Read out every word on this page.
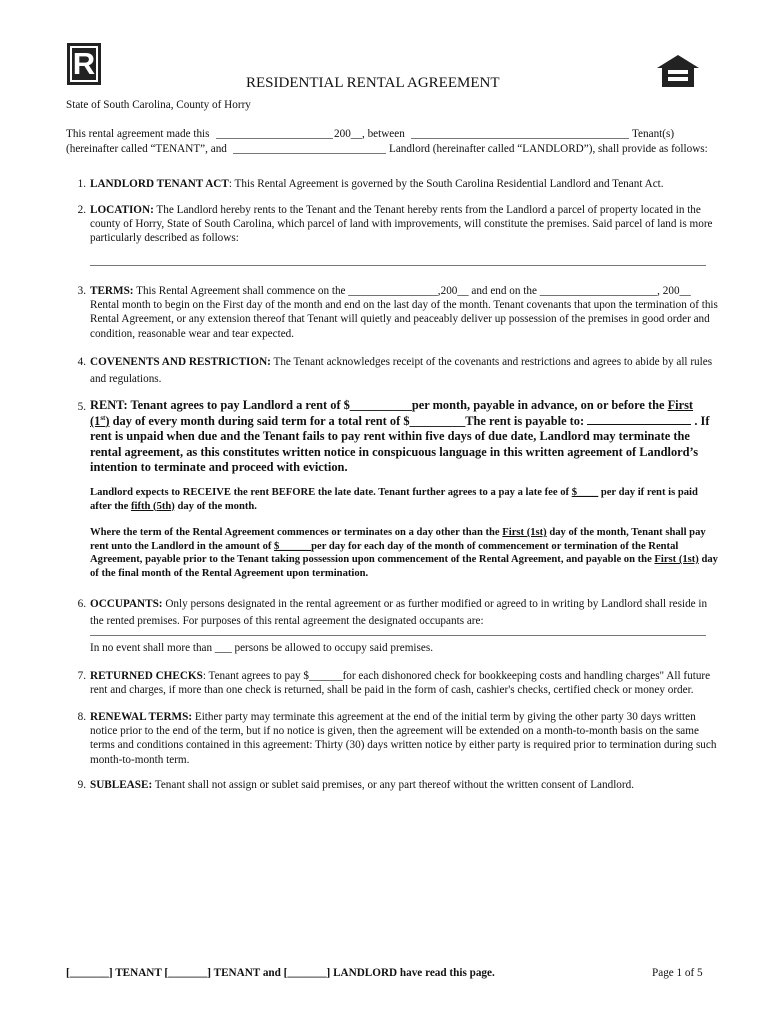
R
RESIDENTIAL RENTAL AGREEMENT
State of South Carolina, County of Horry
This rental agreement made this	200__, between	Tenant(s)
(hereinafter called “TENANT”, and	Landlord (hereinafter called “LANDLORD”), shall provide as follows:
1. LANDLORD TENANT ACT: This Rental Agreement is governed by the South Carolina Residential Landlord and Tenant Act.
2. LOCATION: The Landlord hereby rents to the Tenant and the Tenant hereby rents from the Landlord a parcel of property located in the county of Horry, State of South Carolina, which parcel of land with improvements, will constitute the premises. Said parcel of land is more particularly described as follows:
3. TERMS: This Rental Agreement shall commence on the ________________,200__ and end on the _____________________, 200__
Rental month to begin on the First day of the month and end on the last day of the month. Tenant covenants that upon the termination of this Rental Agreement, or any extension thereof that Tenant will quietly and peaceably deliver up possession of the premises in good order and condition, reasonable wear and tear expected.
4. COVENENTS AND RESTRICTION: The Tenant acknowledges receipt of the covenants and restrictions and agrees to abide by all rules and regulations.
5. RENT: Tenant agrees to pay Landlord a rent of $__________per month, payable in advance, on or before the First
(1st) day of every month during said term for a total rent of $_________The rent is payable to:	. If
rent is unpaid when due and the Tenant fails to pay rent within five days of due date, Landlord may terminate the rental agreement, as this constitutes written notice in conspicuous language in this written agreement of Landlord’s intention to terminate and proceed with eviction.
Landlord expects to RECEIVE the rent BEFORE the late date. Tenant further agrees to a pay a late fee of $____ per day if rent is paid after the fifth (5th) day of the month.
Where the term of the Rental Agreement commences or terminates on a day other than the First (1st) day of the month, Tenant shall pay rent unto the Landlord in the amount of $______per day for each day of the month of commencement or termination of the Rental Agreement, payable prior to the Tenant taking possession upon commencement of the Rental Agreement, and payable on the First (1st) day of the final month of the Rental Agreement upon termination.
6. OCCUPANTS: Only persons designated in the rental agreement or as further modified or agreed to in writing by Landlord shall reside in the rented premises. For purposes of this rental agreement the designated occupants are:
In no event shall more than ___ persons be allowed to occupy said premises.
7. RETURNED CHECKS: Tenant agrees to pay $______for each dishonored check for bookkeeping costs and handling charges" All future rent and charges, if more than one check is returned, shall be paid in the form of cash, cashier's checks, certified check or money order.
8. RENEWAL TERMS: Either party may terminate this agreement at the end of the initial term by giving the other party 30 days written notice prior to the end of the term, but if no notice is given, then the agreement will be extended on a month-to-month basis on the same terms and conditions contained in this agreement: Thirty (30) days written notice by either party is required prior to termination during such month-to-month term.
9. SUBLEASE: Tenant shall not assign or sublet said premises, or any part thereof without the written consent of Landlord.
[_______] TENANT [_______] TENANT and [_______] LANDLORD have read this page.	Page 1 of 5
